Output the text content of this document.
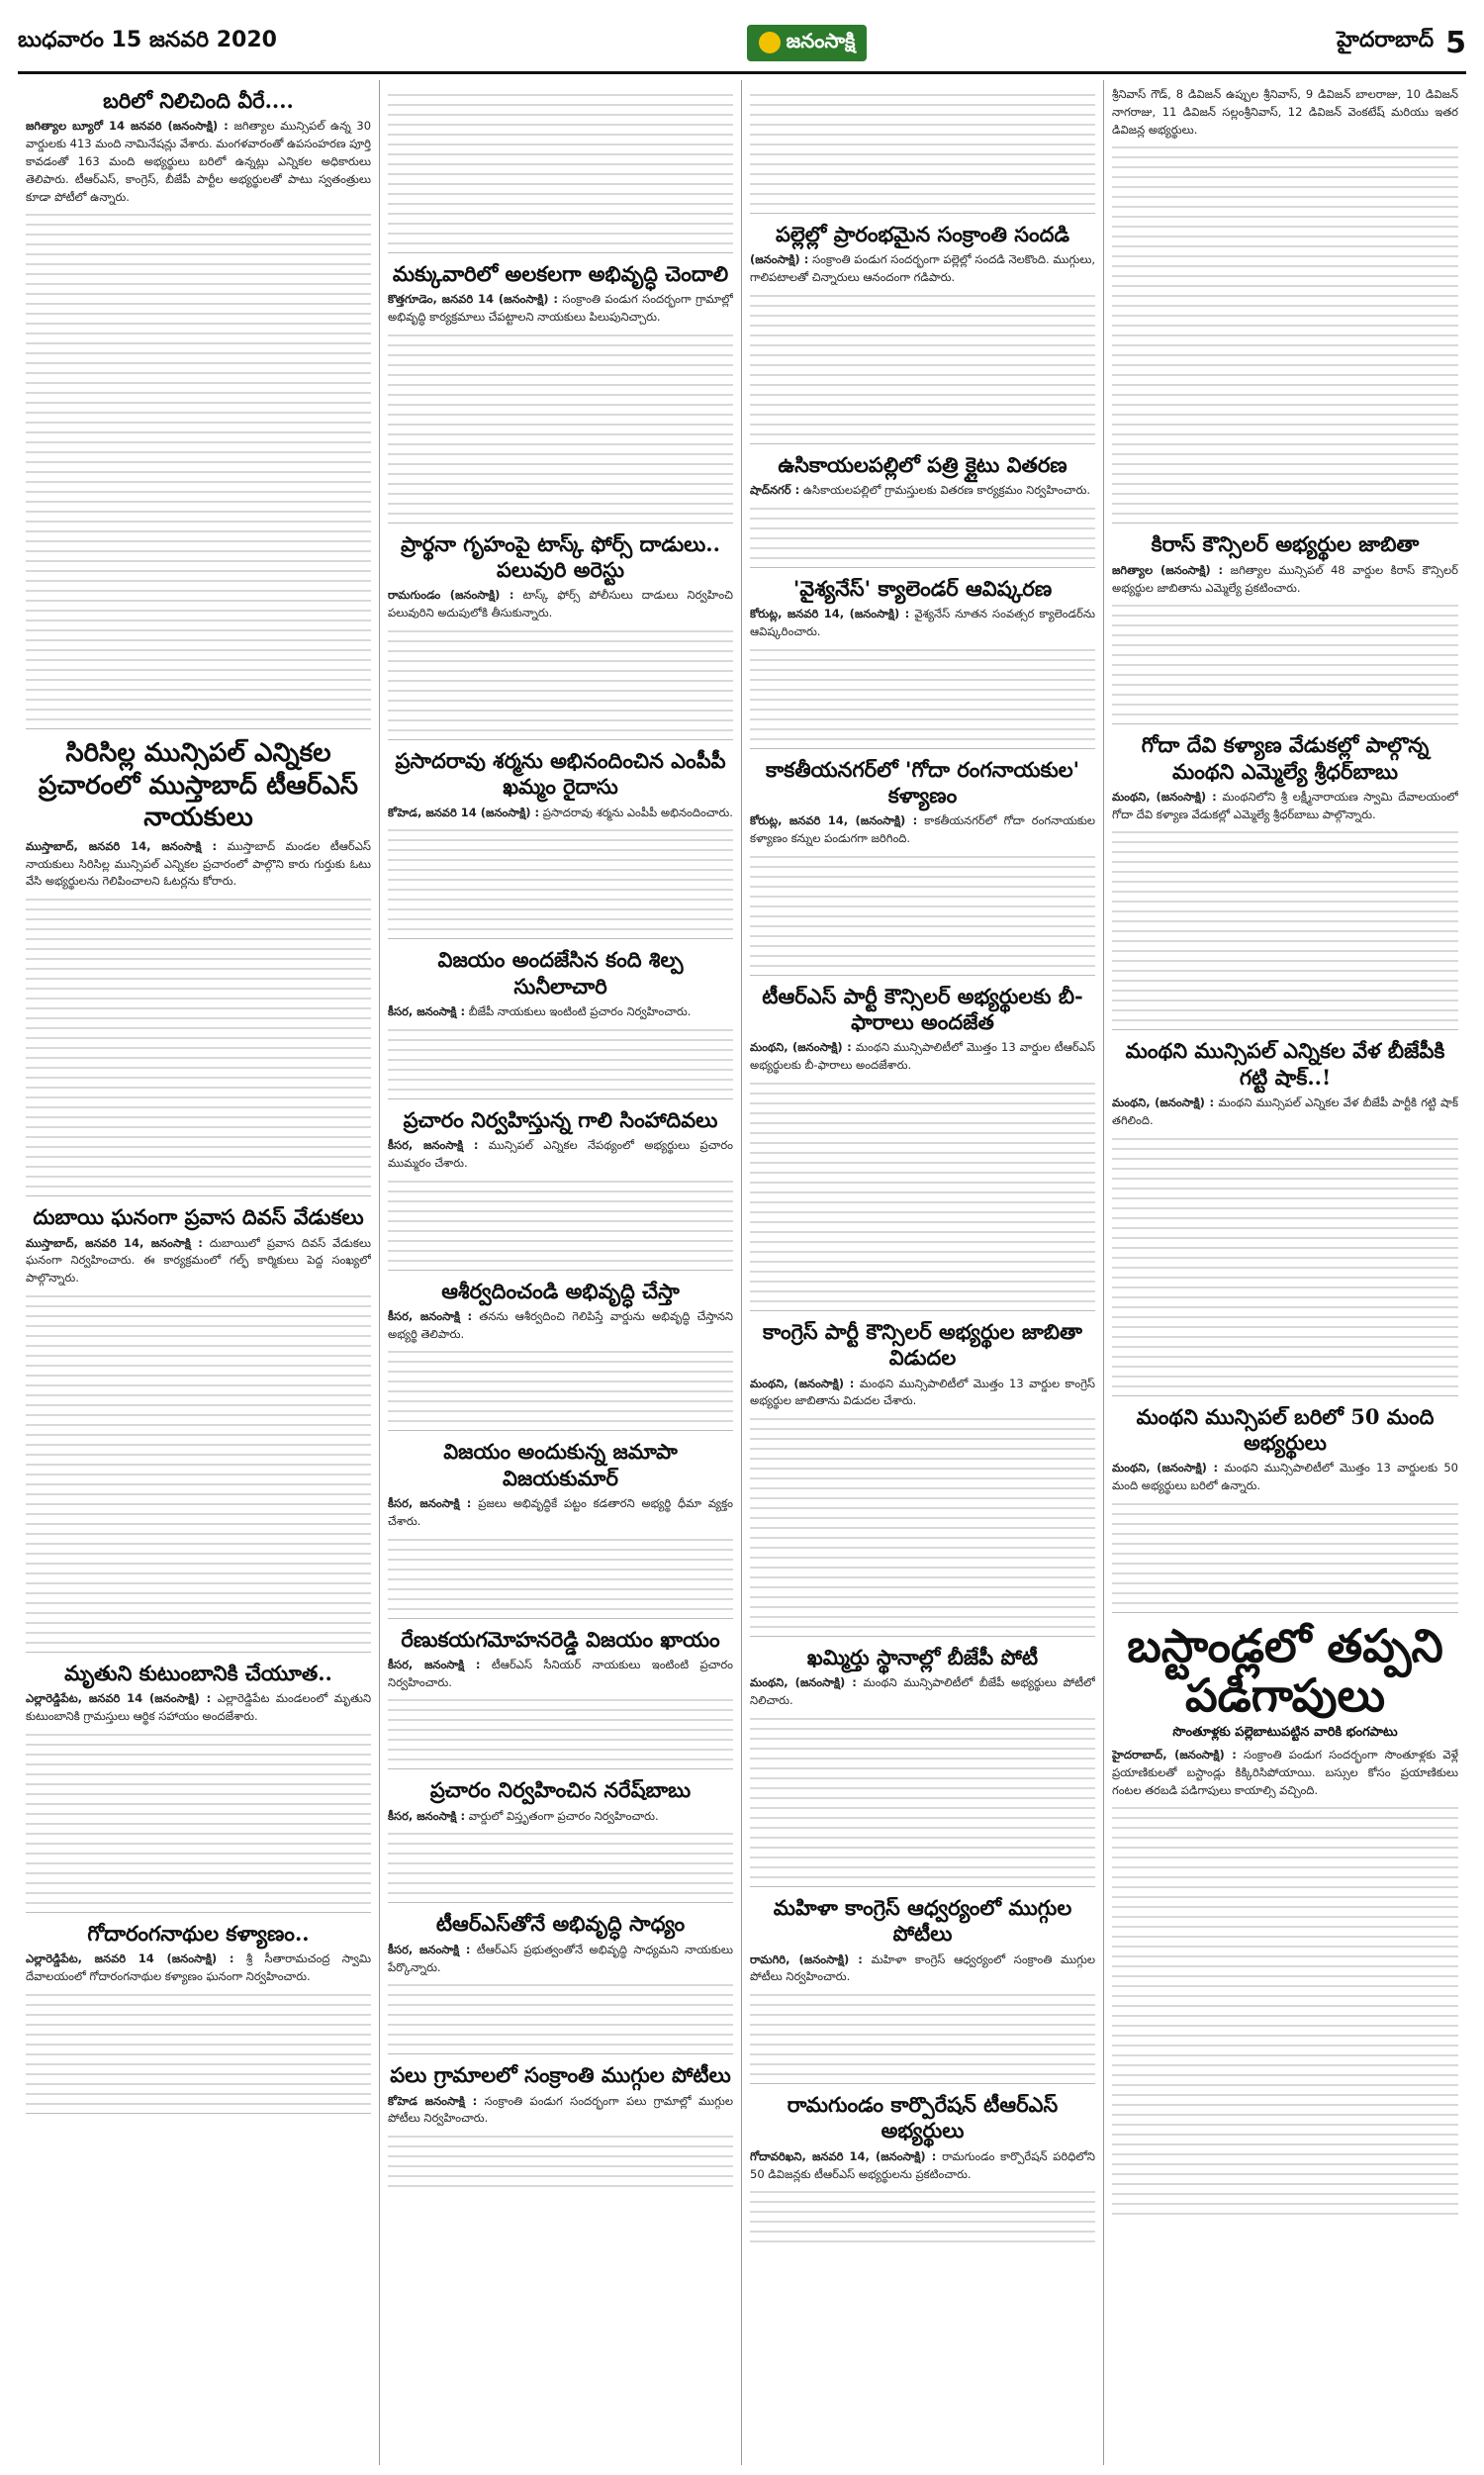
బుధవారం 15 జనవరి 2020	జనంసాక్షి	హైదరాబాద్ 5
బరిలో నిలిచింది వీరే....
జగిత్యాల బ్యూరో 14 జనవరి (జనంసాక్షి) : జగిత్యాల మున్సిపల్ ఉన్న 30 వార్డులకు 413 మంది నామినేషన్లు వేశారు. మంగళవారంతో ఉపసంహరణ పూర్తి కావడంతో 163 మంది అభ్యర్థులు బరిలో ఉన్నట్లు ఎన్నికల అధికారులు తెలిపారు. టీఆర్ఎస్, కాంగ్రెస్, బీజేపీ పార్టీల అభ్యర్థులతో పాటు స్వతంత్రులు కూడా పోటీలో ఉన్నారు.
సిరిసిల్ల మున్సిపల్ ఎన్నికల ప్రచారంలో ముస్తాబాద్ టీఆర్ఎస్ నాయకులు
ముస్తాబాద్, జనవరి 14, జనంసాక్షి : ముస్తాబాద్ మండల టీఆర్ఎస్ నాయకులు సిరిసిల్ల మున్సిపల్ ఎన్నికల ప్రచారంలో పాల్గొని కారు గుర్తుకు ఓటు వేసి అభ్యర్థులను గెలిపించాలని ఓటర్లను కోరారు.
దుబాయి ఘనంగా ప్రవాస దివస్ వేడుకలు
ముస్తాబాద్, జనవరి 14, జనంసాక్షి : దుబాయిలో ప్రవాస దివస్ వేడుకలు ఘనంగా నిర్వహించారు. ఈ కార్యక్రమంలో గల్ఫ్ కార్మికులు పెద్ద సంఖ్యలో పాల్గొన్నారు.
మృతుని కుటుంబానికి చేయూత..
ఎల్లారెడ్డిపేట, జనవరి 14 (జనంసాక్షి) : ఎల్లారెడ్డిపేట మండలంలో మృతుని కుటుంబానికి గ్రామస్తులు ఆర్థిక సహాయం అందజేశారు.
గోదారంగనాథుల కళ్యాణం..
ఎల్లారెడ్డిపేట, జనవరి 14 (జనంసాక్షి) : శ్రీ సీతారామచంద్ర స్వామి దేవాలయంలో గోదారంగనాథుల కళ్యాణం ఘనంగా నిర్వహించారు.
మక్కువారిలో అలకలగా అభివృద్ధి చెందాలి
కొత్తగూడెం, జనవరి 14 (జనంసాక్షి) : సంక్రాంతి పండుగ సందర్భంగా గ్రామాల్లో అభివృద్ధి కార్యక్రమాలు చేపట్టాలని నాయకులు పిలుపునిచ్చారు.
ప్రార్థనా గృహంపై టాస్క్ ఫోర్స్ దాడులు.. పలువురి అరెస్టు
రామగుండం (జనంసాక్షి) : టాస్క్ ఫోర్స్ పోలీసులు దాడులు నిర్వహించి పలువురిని అదుపులోకి తీసుకున్నారు.
ప్రసాదరావు శర్మను అభినందించిన ఎంపీపీ ఖమ్మం రైదాసు
కోహెడ, జనవరి 14 (జనంసాక్షి) : ప్రసాదరావు శర్మను ఎంపీపీ అభినందించారు.
విజయం అందజేసిన కంది శిల్ప సునీలాచారి
కీసర, జనంసాక్షి : బీజేపీ నాయకులు ఇంటింటి ప్రచారం నిర్వహించారు.
ప్రచారం నిర్వహిస్తున్న గాలి సింహాదివలు
కీసర, జనంసాక్షి : మున్సిపల్ ఎన్నికల నేపథ్యంలో అభ్యర్థులు ప్రచారం ముమ్మరం చేశారు.
ఆశీర్వదించండి అభివృద్ధి చేస్తా
కీసర, జనంసాక్షి : తనను ఆశీర్వదించి గెలిపిస్తే వార్డును అభివృద్ధి చేస్తానని అభ్యర్థి తెలిపారు.
విజయం అందుకున్న జమాపా విజయకుమార్
కీసర, జనంసాక్షి : ప్రజలు అభివృద్ధికే పట్టం కడతారని అభ్యర్థి ధీమా వ్యక్తం చేశారు.
రేణుకయగమోహనరెడ్డి విజయం ఖాయం
కీసర, జనంసాక్షి : టీఆర్ఎస్ సీనియర్ నాయకులు ఇంటింటి ప్రచారం నిర్వహించారు.
ప్రచారం నిర్వహించిన నరేష్‌బాబు
కీసర, జనంసాక్షి : వార్డులో విస్తృతంగా ప్రచారం నిర్వహించారు.
టీఆర్ఎస్‌తోనే అభివృద్ధి సాధ్యం
కీసర, జనంసాక్షి : టీఆర్ఎస్ ప్రభుత్వంతోనే అభివృద్ధి సాధ్యమని నాయకులు పేర్కొన్నారు.
పలు గ్రామాలలో సంక్రాంతి ముగ్గుల పోటీలు
కోహెడ జనంసాక్షి : సంక్రాంతి పండుగ సందర్భంగా పలు గ్రామాల్లో ముగ్గుల పోటీలు నిర్వహించారు.
పల్లెల్లో ప్రారంభమైన సంక్రాంతి సందడి
(జనంసాక్షి) : సంక్రాంతి పండుగ సందర్భంగా పల్లెల్లో సందడి నెలకొంది. ముగ్గులు, గాలిపటాలతో చిన్నారులు ఆనందంగా గడిపారు.
ఉసికాయలపల్లిలో పత్రి క్లైటు వితరణ
షాద్‌నగర్ : ఉసికాయలపల్లిలో గ్రామస్తులకు వితరణ కార్యక్రమం నిర్వహించారు.
'వైశ్యనేస్' క్యాలెండర్ ఆవిష్కరణ
కోరుట్ల, జనవరి 14, (జనంసాక్షి) : వైశ్యనేస్ నూతన సంవత్సర క్యాలెండర్‌ను ఆవిష్కరించారు.
కాకతీయనగర్‌లో 'గోదా రంగనాయకుల' కళ్యాణం
కోరుట్ల, జనవరి 14, (జనంసాక్షి) : కాకతీయనగర్‌లో గోదా రంగనాయకుల కళ్యాణం కన్నుల పండుగగా జరిగింది.
టీఆర్ఎస్ పార్టీ కౌన్సిలర్ అభ్యర్థులకు బీ-ఫారాలు అందజేత
మంథని, (జనంసాక్షి) : మంథని మున్సిపాలిటీలో మొత్తం 13 వార్డుల టీఆర్ఎస్ అభ్యర్థులకు బీ-ఫారాలు అందజేశారు.
కాంగ్రెస్ పార్టీ కౌన్సిలర్ అభ్యర్థుల జాబితా విడుదల
మంథని, (జనంసాక్షి) : మంథని మున్సిపాలిటీలో మొత్తం 13 వార్డుల కాంగ్రెస్ అభ్యర్థుల జాబితాను విడుదల చేశారు.
ఖమ్మిర్తు స్థానాల్లో బీజేపీ పోటీ
మంథని, (జనంసాక్షి) : మంథని మున్సిపాలిటీలో బీజేపీ అభ్యర్థులు పోటీలో నిలిచారు.
మహిళా కాంగ్రెస్ ఆధ్వర్యంలో ముగ్గుల పోటీలు
రామగిరి, (జనంసాక్షి) : మహిళా కాంగ్రెస్ ఆధ్వర్యంలో సంక్రాంతి ముగ్గుల పోటీలు నిర్వహించారు.
రామగుండం కార్పొరేషన్ టీఆర్ఎస్ అభ్యర్థులు
గోదావరిఖని, జనవరి 14, (జనంసాక్షి) : రామగుండం కార్పొరేషన్ పరిధిలోని 50 డివిజన్లకు టీఆర్ఎస్ అభ్యర్థులను ప్రకటించారు.
శ్రీనివాస్ గౌడ్, 8 డివిజన్ ఉప్పుల శ్రీనివాస్, 9 డివిజన్ బాలరాజు, 10 డివిజన్ నాగరాజు, 11 డివిజన్ సల్లంశ్రీనివాస్, 12 డివిజన్ వెంకటేష్ మరియు ఇతర డివిజన్ల అభ్యర్థులు.
కిరాస్ కౌన్సిలర్ అభ్యర్థుల జాబితా
జగిత్యాల (జనంసాక్షి) : జగిత్యాల మున్సిపల్ 48 వార్డుల కిరాస్ కౌన్సిలర్ అభ్యర్థుల జాబితాను ఎమ్మెల్యే ప్రకటించారు.
గోదా దేవి కళ్యాణ వేడుకల్లో పాల్గొన్న మంథని ఎమ్మెల్యే శ్రీధర్‌బాబు
మంథని, (జనంసాక్షి) : మంథనిలోని శ్రీ లక్ష్మీనారాయణ స్వామి దేవాలయంలో గోదా దేవి కళ్యాణ వేడుకల్లో ఎమ్మెల్యే శ్రీధర్‌బాబు పాల్గొన్నారు.
మంథని మున్సిపల్ ఎన్నికల వేళ బీజేపీకి గట్టి షాక్..!
మంథని, (జనంసాక్షి) : మంథని మున్సిపల్ ఎన్నికల వేళ బీజేపీ పార్టీకి గట్టి షాక్ తగిలింది.
మంథని మున్సిపల్ బరిలో 50 మంది అభ్యర్థులు
మంథని, (జనంసాక్షి) : మంథని మున్సిపాలిటీలో మొత్తం 13 వార్డులకు 50 మంది అభ్యర్థులు బరిలో ఉన్నారు.
బస్టాండ్లలో తప్పని పడిగాపులు
సొంతూళ్లకు పల్లెబాటుపట్టిన వారికి భంగపాటు
హైదరాబాద్, (జనంసాక్షి) : సంక్రాంతి పండుగ సందర్భంగా సొంతూళ్లకు వెళ్లే ప్రయాణికులతో బస్టాండ్లు కిక్కిరిసిపోయాయి. బస్సుల కోసం ప్రయాణికులు గంటల తరబడి పడిగాపులు కాయాల్సి వచ్చింది.
